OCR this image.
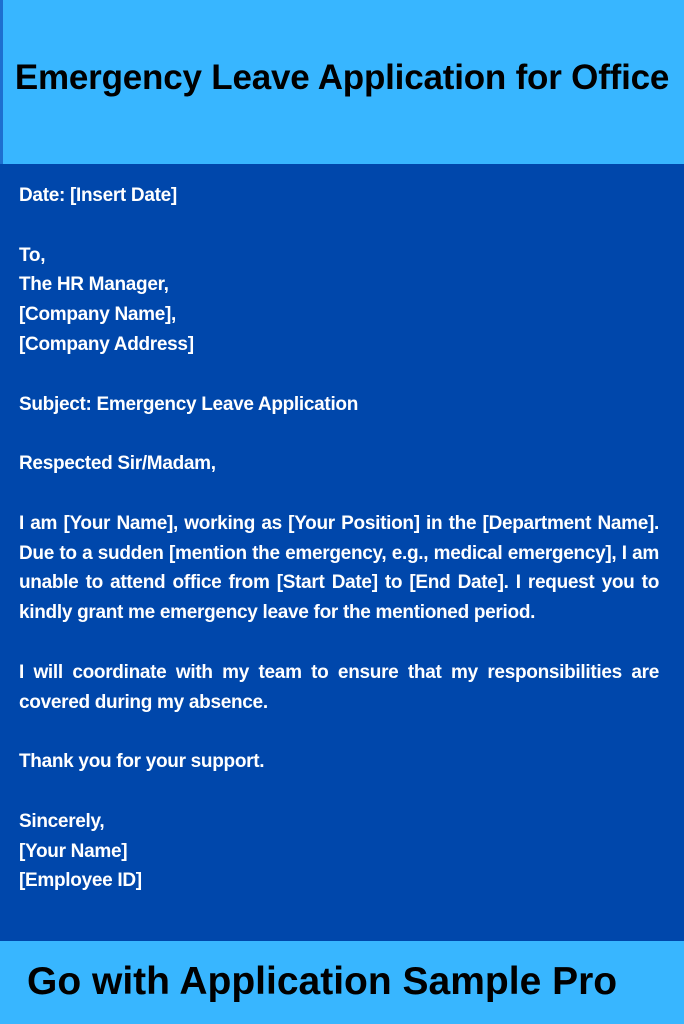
Emergency Leave Application for Office

Date: [Insert Date]

To,

The HR Manager,

[Company Name],

[Company Address]

Subject: Emergency Leave Application

Respected Sir/Madam,

I am [Your Name], working as [Your Position] in the [Department Name]. Due to a sudden [mention the emergency, e.g., medical emergency], I am unable to attend office from [Start Date] to [End Date]. I request you to kindly grant me emergency leave for the mentioned period.

I will coordinate with my team to ensure that my responsibilities are covered during my absence.

Thank you for your support.

Sincerely,

[Your Name]

[Employee ID]

Go with Application Sample Pro
